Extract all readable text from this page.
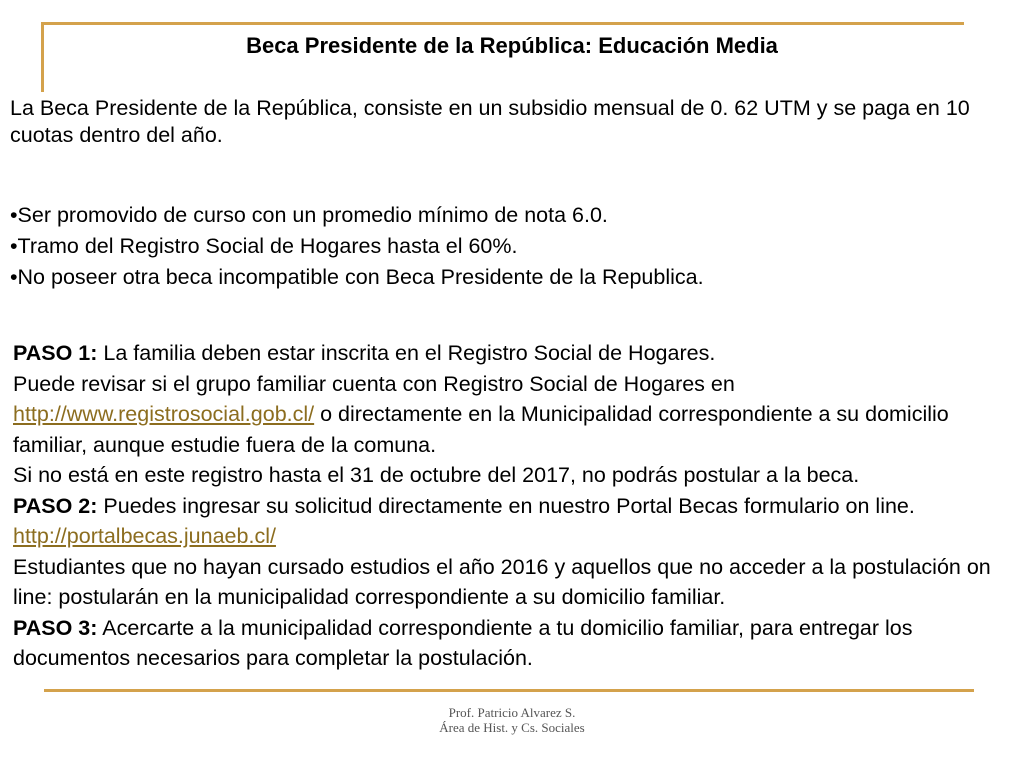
Beca Presidente de la República: Educación Media

La Beca Presidente de la República, consiste en un subsidio mensual de 0. 62 UTM y se paga en 10 cuotas dentro del año.

•Ser promovido de curso con un promedio mínimo de nota 6.0.
•Tramo del Registro Social de Hogares hasta el 60%.
•No poseer otra beca incompatible con Beca Presidente de la Republica.

PASO 1: La familia deben estar inscrita en el Registro Social de Hogares.

Puede revisar si el grupo familiar cuenta con Registro Social de Hogares en http://www.registrosocial.gob.cl/ o directamente en la Municipalidad correspondiente a su domicilio familiar, aunque estudie fuera de la comuna.

Si no está en este registro hasta el 31 de octubre del 2017, no podrás postular a la beca.

PASO 2: Puedes ingresar su solicitud directamente en nuestro Portal Becas formulario on line. http://portalbecas.junaeb.cl/

Estudiantes que no hayan cursado estudios el año 2016 y aquellos que no acceder a la postulación on line: postularán en la municipalidad correspondiente a su domicilio familiar.

PASO 3: Acercarte a la municipalidad correspondiente a tu domicilio familiar, para entregar los documentos necesarios para completar la postulación.

Prof. Patricio Alvarez S.
Área de Hist. y Cs. Sociales
